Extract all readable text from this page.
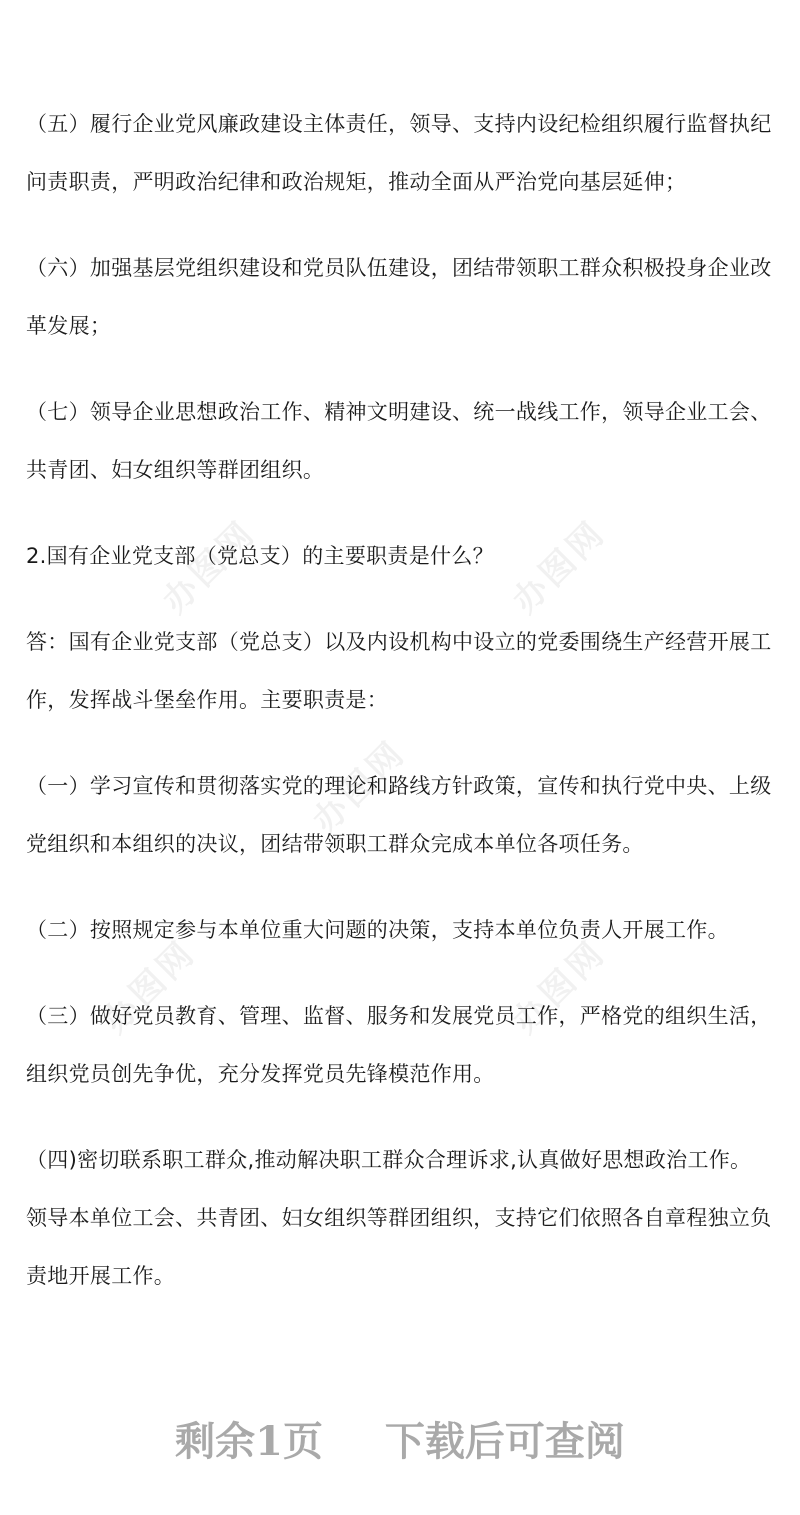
办图网	办图网
办图网
办图网	办图网

（五）履行企业党风廉政建设主体责任，领导、支持内设纪检组织履行监督执纪
问责职责，严明政治纪律和政治规矩，推动全面从严治党向基层延伸；

（六）加强基层党组织建设和党员队伍建设，团结带领职工群众积极投身企业改
革发展；

（七）领导企业思想政治工作、精神文明建设、统一战线工作，领导企业工会、
共青团、妇女组织等群团组织。

2.国有企业党支部（党总支）的主要职责是什么？

答：国有企业党支部（党总支）以及内设机构中设立的党委围绕生产经营开展工
作，发挥战斗堡垒作用。主要职责是：

（一）学习宣传和贯彻落实党的理论和路线方针政策，宣传和执行党中央、上级
党组织和本组织的决议，团结带领职工群众完成本单位各项任务。

（二）按照规定参与本单位重大问题的决策，支持本单位负责人开展工作。

（三）做好党员教育、管理、监督、服务和发展党员工作，严格党的组织生活，
组织党员创先争优，充分发挥党员先锋模范作用。

（四)密切联系职工群众,推动解决职工群众合理诉求,认真做好思想政治工作。
领导本单位工会、共青团、妇女组织等群团组织，支持它们依照各自章程独立负
责地开展工作。

剩余1页 下载后可查阅
